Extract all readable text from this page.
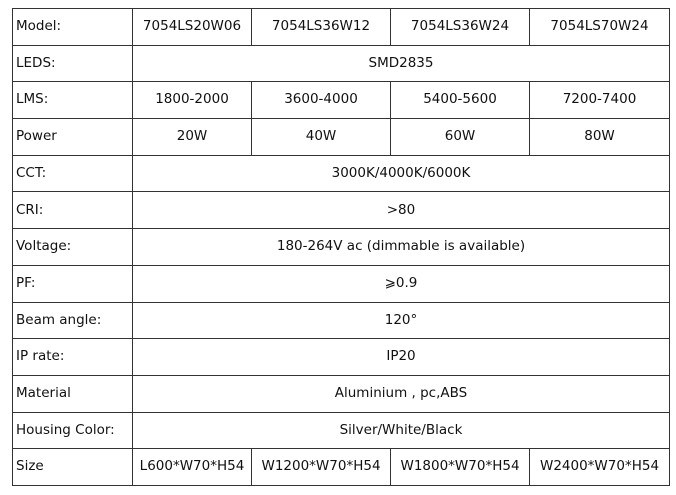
Model:	7054LS20W06	7054LS36W12	7054LS36W24	7054LS70W24
LEDS:	SMD2835			
LMS:	1800-2000	3600-4000	5400-5600	7200-7400
Power	20W	40W	60W	80W
CCT:	3000K/4000K/6000K			
CRI:	>80			
Voltage:	180-264V ac (dimmable is available)			
PF:	⩾0.9			
Beam angle:	120°			
IP rate:	IP20			
Material	Aluminium , pc,ABS			
Housing Color:	Silver/White/Black			
Size	L600*W70*H54	W1200*W70*H54	W1800*W70*H54	W2400*W70*H54
